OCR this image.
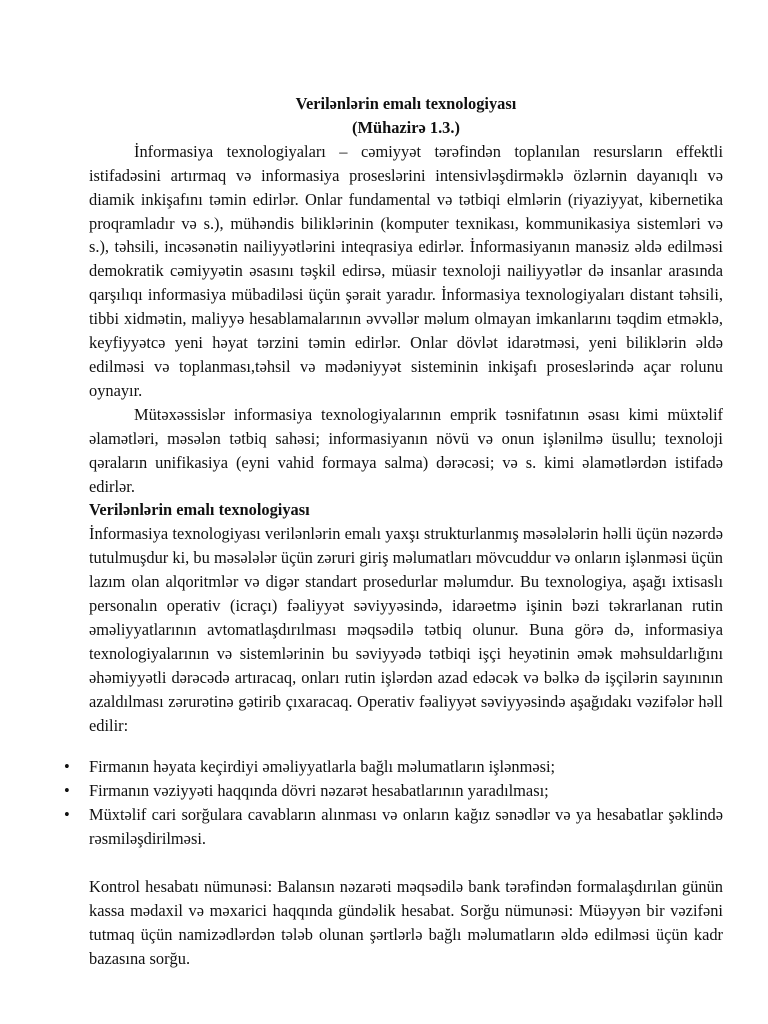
Verilənlərin emalı texnologiyası

(Mühazirə 1.3.)

İnformasiya texnologiyaları – cəmiyyət tərəfindən toplanılan resursların effektli istifadəsini artırmaq və informasiya proseslərini intensivləşdirməklə özlərnin dayanıqlı və diamik inkişafını təmin edirlər. Onlar fundamental və tətbiqi elmlərin (riyaziyyat, kibernetika proqramladır və s.), mühəndis biliklərinin (komputer texnikası, kommunikasiya sistemləri və s.), təhsili, incəsənətin nailiyyətlərini inteqrasiya edirlər. İnformasiyanın manəsiz əldə edilməsi demokratik cəmiyyətin əsasını təşkil edirsə, müasir texnoloji nailiyyətlər də insanlar arasında qarşılıqı informasiya mübadiləsi üçün şərait yaradır. İnformasiya texnologiyaları distant təhsili, tibbi xidmətin, maliyyə hesablamalarının əvvəllər məlum olmayan imkanlarını təqdim etməklə, keyfiyyətcə yeni həyat tərzini təmin edirlər. Onlar dövlət idarətməsi, yeni biliklərin əldə edilməsi və toplanması,təhsil və mədəniyyət sisteminin inkişafı proseslərində açar rolunu oynayır.

Mütəxəssislər informasiya texnologiyalarının emprik təsnifatının əsası kimi müxtəlif əlamətləri, məsələn tətbiq sahəsi; informasiyanın növü və onun işlənilmə üsullu; texnoloji qəraların unifikasiya (eyni vahid formaya salma) dərəcəsi; və s. kimi əlamətlərdən istifadə edirlər.

Verilənlərin emalı texnologiyası

İnformasiya texnologiyası verilənlərin emalı yaxşı strukturlanmış məsələlərin həlli üçün nəzərdə tutulmuşdur ki, bu məsələlər üçün zəruri giriş məlumatları mövcuddur və onların işlənməsi üçün lazım olan alqoritmlər və digər standart prosedurlar məlumdur. Bu texnologiya, aşağı ixtisaslı personalın operativ (icraçı) fəaliyyət səviyyəsində, idarəetmə işinin bəzi təkrarlanan rutin əməliyyatlarının avtomatlaşdırılması məqsədilə tətbiq olunur. Buna görə də, informasiya texnologiyalarının və sistemlərinin bu səviyyədə tətbiqi işçi heyətinin əmək məhsuldarlığını əhəmiyyətli dərəcədə artıracaq, onları rutin işlərdən azad edəcək və bəlkə də işçilərin sayınının azaldılması zərurətinə gətirib çıxaracaq. Operativ fəaliyyət səviyyəsində aşağıdakı vəzifələr həll edilir:

• Firmanın həyata keçirdiyi əməliyyatlarla bağlı məlumatların işlənməsi;
• Firmanın vəziyyəti haqqında dövri nəzarət hesabatlarının yaradılması;
• Müxtəlif cari sorğulara cavabların alınması və onların kağız sənədlər və ya hesabatlar şəklində rəsmiləşdirilməsi.

Kontrol hesabatı nümunəsi: Balansın nəzarəti məqsədilə bank tərəfindən formalaşdırılan günün kassa mədaxil və məxarici haqqında gündəlik hesabat. Sorğu nümunəsi: Müəyyən bir vəzifəni tutmaq üçün namizədlərdən tələb olunan şərtlərlə bağlı məlumatların əldə edilməsi üçün kadr bazasına sorğu.
